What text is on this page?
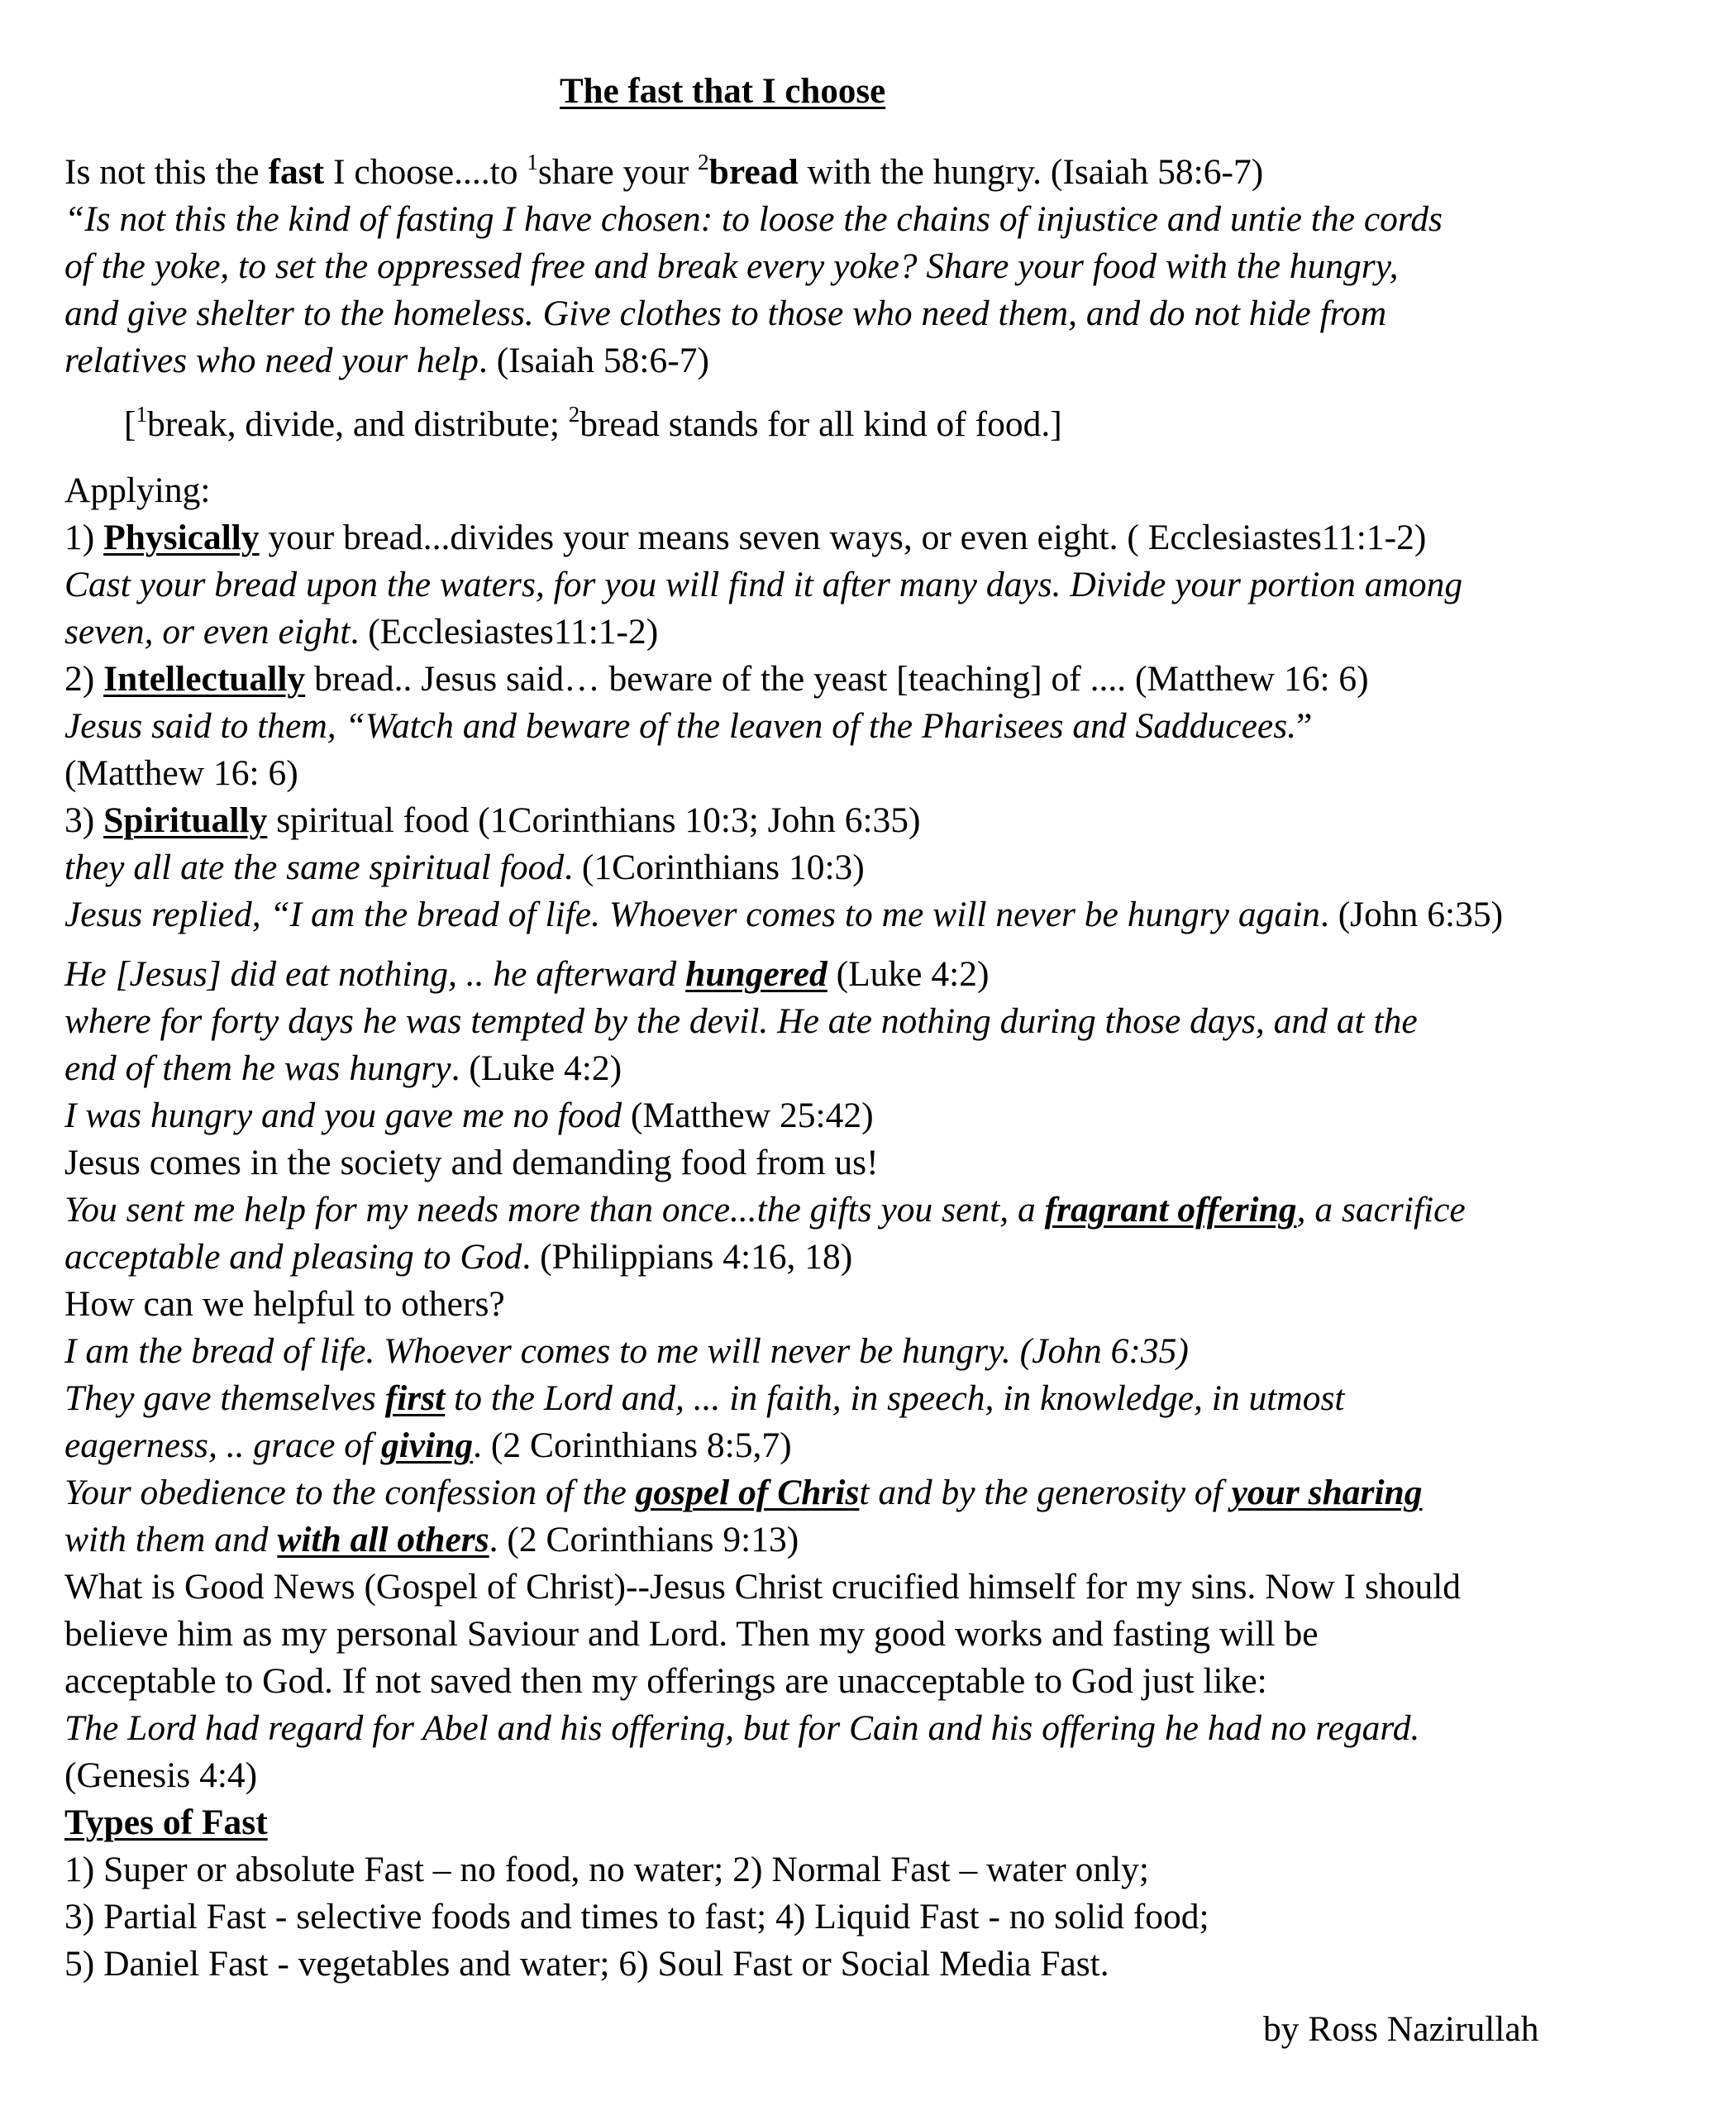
The fast that I choose
Is not this the fast I choose....to $^1$share your $^2$bread with the hungry. (Isaiah 58:6-7)
“Is not this the kind of fasting I have chosen: to loose the chains of injustice and untie the cords
of the yoke, to set the oppressed free and break every yoke? Share your food with the hungry,
and give shelter to the homeless. Give clothes to those who need them, and do not hide from
relatives who need your help. (Isaiah 58:6-7)
[$^1$break, divide, and distribute; $^2$bread stands for all kind of food.]
Applying:
1) Physically your bread...divides your means seven ways, or even eight. ( Ecclesiastes11:1-2)
Cast your bread upon the waters, for you will find it after many days. Divide your portion among
seven, or even eight. (Ecclesiastes11:1-2)
2) Intellectually bread.. Jesus said… beware of the yeast [teaching] of .... (Matthew 16: 6)
Jesus said to them, “Watch and beware of the leaven of the Pharisees and Sadducees.”
(Matthew 16: 6)
3) Spiritually spiritual food (1Corinthians 10:3; John 6:35)
they all ate the same spiritual food. (1Corinthians 10:3)
Jesus replied, “I am the bread of life. Whoever comes to me will never be hungry again. (John 6:35)
He [Jesus] did eat nothing, .. he afterward hungered (Luke 4:2)
where for forty days he was tempted by the devil. He ate nothing during those days, and at the
end of them he was hungry. (Luke 4:2)
I was hungry and you gave me no food (Matthew 25:42)
Jesus comes in the society and demanding food from us!
You sent me help for my needs more than once...the gifts you sent, a fragrant offering, a sacrifice
acceptable and pleasing to God. (Philippians 4:16, 18)
How can we helpful to others?
I am the bread of life. Whoever comes to me will never be hungry. (John 6:35)
They gave themselves first to the Lord and, ... in faith, in speech, in knowledge, in utmost
eagerness, .. grace of giving. (2 Corinthians 8:5,7)
Your obedience to the confession of the gospel of Christ and by the generosity of your sharing
with them and with all others. (2 Corinthians 9:13)
What is Good News (Gospel of Christ)--Jesus Christ crucified himself for my sins. Now I should
believe him as my personal Saviour and Lord. Then my good works and fasting will be
acceptable to God. If not saved then my offerings are unacceptable to God just like:
The Lord had regard for Abel and his offering, but for Cain and his offering he had no regard.
(Genesis 4:4)
Types of Fast
1) Super or absolute Fast – no food, no water; 2) Normal Fast – water only;
3) Partial Fast - selective foods and times to fast; 4) Liquid Fast - no solid food;
5) Daniel Fast - vegetables and water; 6) Soul Fast or Social Media Fast.
by Ross Nazirullah
